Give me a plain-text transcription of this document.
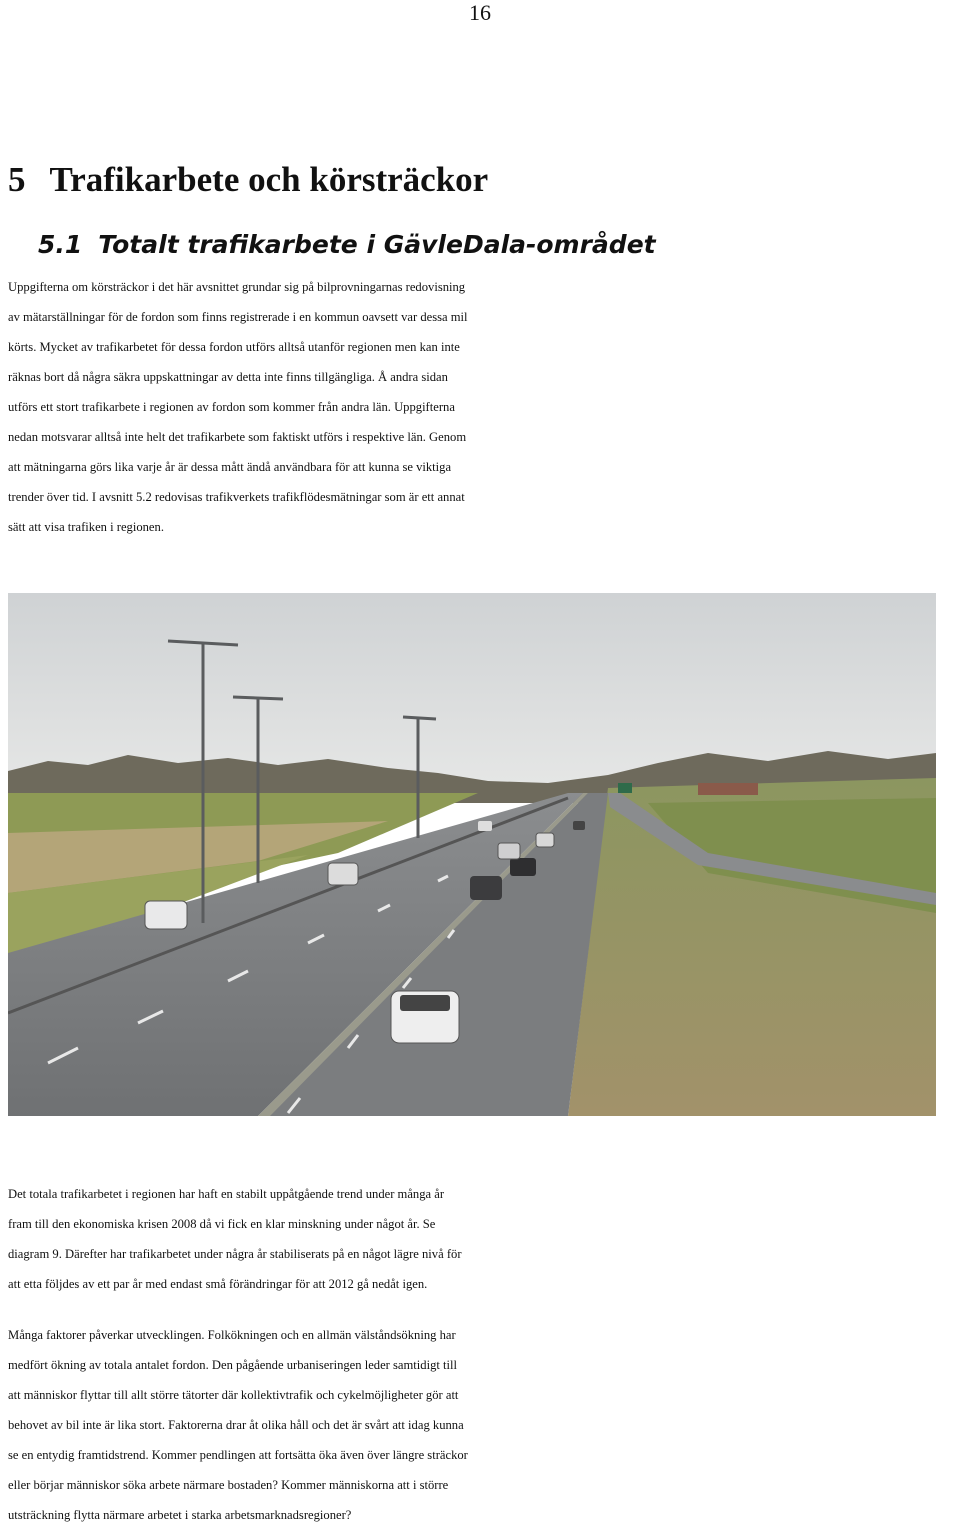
16
5 Trafikarbete och körsträckor
5.1 Totalt trafikarbete i GävleDala-området

Uppgifterna om körsträckor i det här avsnittet grundar sig på bilprovningarnas redovisning
av mätarställningar för de fordon som finns registrerade i en kommun oavsett var dessa mil
körts. Mycket av trafikarbetet för dessa fordon utförs alltså utanför regionen men kan inte
räknas bort då några säkra uppskattningar av detta inte finns tillgängliga. Å andra sidan
utförs ett stort trafikarbete i regionen av fordon som kommer från andra län. Uppgifterna
nedan motsvarar alltså inte helt det trafikarbete som faktiskt utförs i respektive län. Genom
att mätningarna görs lika varje år är dessa mått ändå användbara för att kunna se viktiga
trender över tid. I avsnitt 5.2 redovisas trafikverkets trafikflödesmätningar som är ett annat
sätt att visa trafiken i regionen.

Det totala trafikarbetet i regionen har haft en stabilt uppåtgående trend under många år
fram till den ekonomiska krisen 2008 då vi fick en klar minskning under något år. Se
diagram 9. Därefter har trafikarbetet under några år stabiliserats på en något lägre nivå för
att etta följdes av ett par år med endast små förändringar för att 2012 gå nedåt igen.

Många faktorer påverkar utvecklingen. Folkökningen och en allmän välståndsökning har
medfört ökning av totala antalet fordon. Den pågående urbaniseringen leder samtidigt till
att människor flyttar till allt större tätorter där kollektivtrafik och cykelmöjligheter gör att
behovet av bil inte är lika stort. Faktorerna drar åt olika håll och det är svårt att idag kunna
se en entydig framtidstrend. Kommer pendlingen att fortsätta öka även över längre sträckor
eller börjar människor söka arbete närmare bostaden? Kommer människorna att i större
utsträckning flytta närmare arbetet i starka arbetsmarknadsregioner?
